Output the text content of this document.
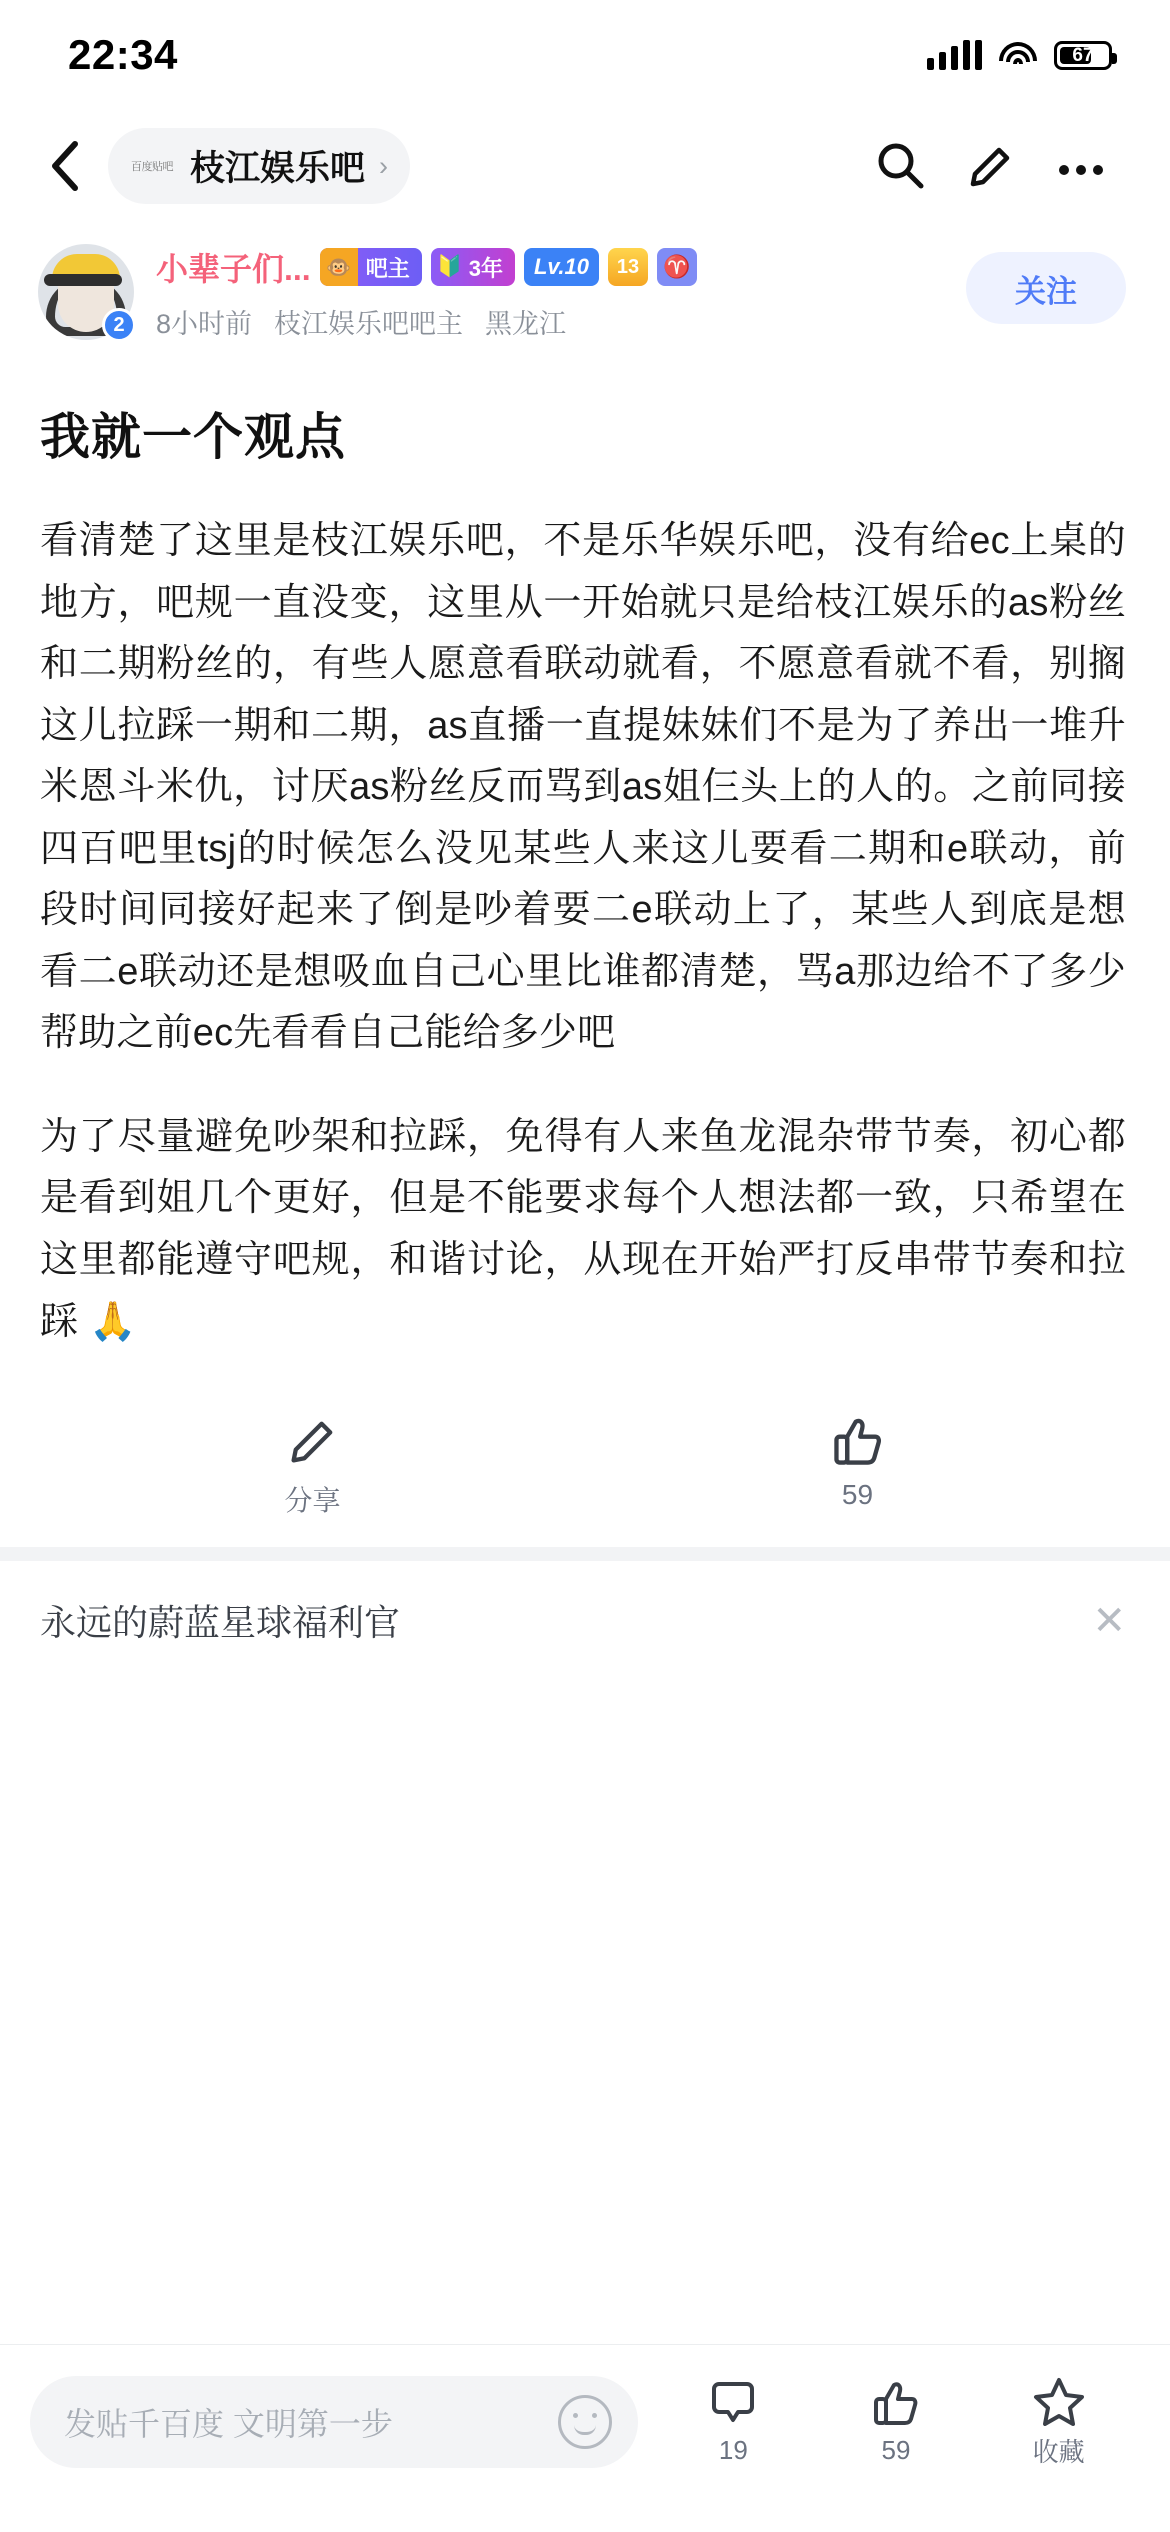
22:34	67
百度贴吧 枝江娱乐吧 ›
2
小辈子们... 🐵 吧主 🔰 3年	Lv.10	13	♈
8小时前 枝江娱乐吧吧主 黑龙江
关注
我就一个观点

看清楚了这里是枝江娱乐吧，不是乐华娱乐吧，没有给ec上桌的地方，吧规一直没变，这里从一开始就只是给枝江娱乐的as粉丝和二期粉丝的，有些人愿意看联动就看，不愿意看就不看，别搁这儿拉踩一期和二期，as直播一直提妹妹们不是为了养出一堆升米恩斗米仇，讨厌as粉丝反而骂到as姐仨头上的人的。之前同接四百吧里tsj的时候怎么没见某些人来这儿要看二期和e联动，前段时间同接好起来了倒是吵着要二e联动上了，某些人到底是想看二e联动还是想吸血自己心里比谁都清楚，骂a那边给不了多少帮助之前ec先看看自己能给多少吧

为了尽量避免吵架和拉踩，免得有人来鱼龙混杂带节奏，初心都是看到姐几个更好，但是不能要求每个人想法都一致，只希望在这里都能遵守吧规，和谐讨论，从现在开始严打反串带节奏和拉踩 🙏

分享	59
永远的蔚蓝星球福利官	✕
发贴千百度 文明第一步
19	59	收藏
